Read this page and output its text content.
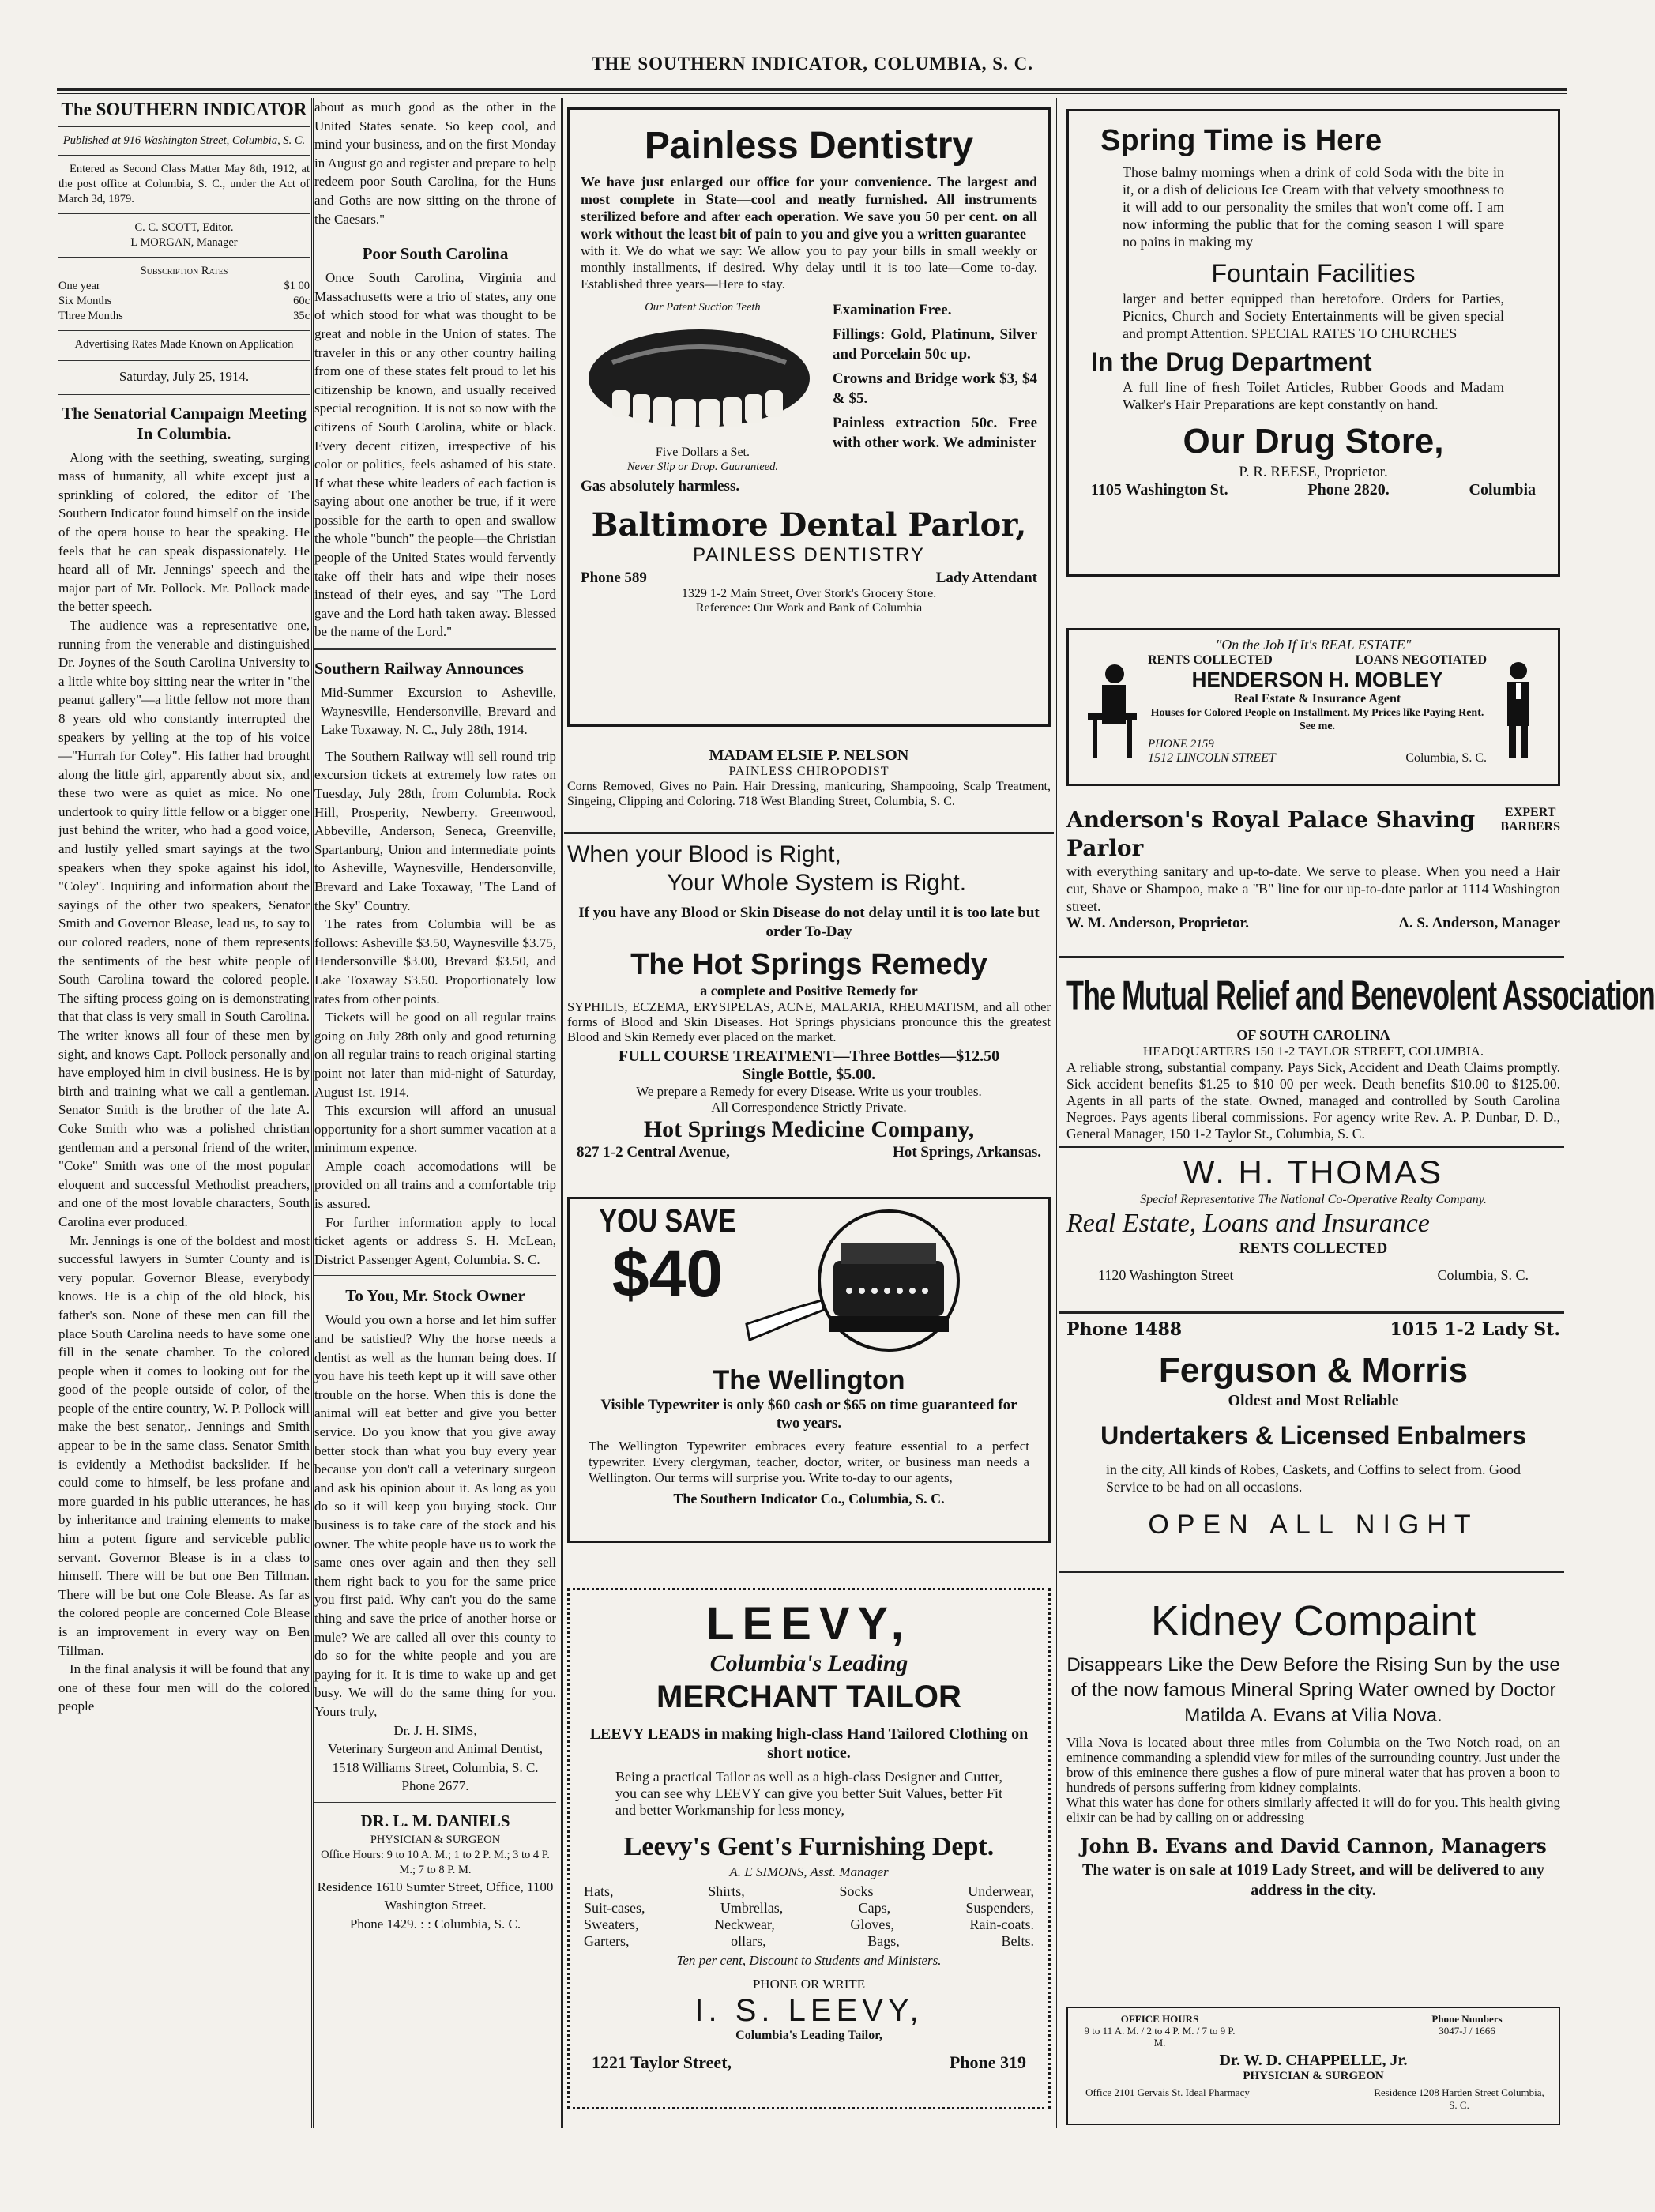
THE SOUTHERN INDICATOR, COLUMBIA, S. C.
The SOUTHERN INDICATOR

Published at 916 Washington Street, Columbia, S. C.

Entered as Second Class Matter May 8th, 1912, at the post office at Columbia, S. C., under the Act of March 3d, 1879.

C. C. SCOTT, Editor.

L MORGAN, Manager

Subscription Rates

One year	$1 00
Six Months	60c
Three Months	35c

Advertising Rates Made Known on Application

Saturday, July 25, 1914.

The Senatorial Campaign Meeting In Columbia.

Along with the seething, sweating, surging mass of humanity, all white except just a sprinkling of colored, the editor of The Southern Indicator found himself on the inside of the opera house to hear the speaking. He feels that he can speak dispassionately. He heard all of Mr. Jennings' speech and the major part of Mr. Pollock. Mr. Pollock made the better speech.

The audience was a representative one, running from the venerable and distinguished Dr. Joynes of the South Carolina University to a little white boy sitting near the writer in "the peanut gallery"—a little fellow not more than 8 years old who constantly interrupted the speakers by yelling at the top of his voice—"Hurrah for Coley". His father had brought along the little girl, apparently about six, and these two were as quiet as mice. No one undertook to quiry little fellow or a bigger one just behind the writer, who had a good voice, and lustily yelled smart sayings at the two speakers when they spoke against his idol, "Coley". Inquiring and information about the sayings of the other two speakers, Senator Smith and Governor Blease, lead us, to say to our colored readers, none of them represents the sentiments of the best white people of South Carolina toward the colored people. The sifting process going on is demonstrating that that class is very small in South Carolina. The writer knows all four of these men by sight, and knows Capt. Pollock personally and have employed him in civil business. He is by birth and training what we call a gentleman. Senator Smith is the brother of the late A. Coke Smith who was a polished christian gentleman and a personal friend of the writer, "Coke" Smith was one of the most popular eloquent and successful Methodist preachers, and one of the most lovable characters, South Carolina ever produced.

Mr. Jennings is one of the boldest and most successful lawyers in Sumter County and is very popular. Governor Blease, everybody knows. He is a chip of the old block, his father's son. None of these men can fill the place South Carolina needs to have some one fill in the senate chamber. To the colored people when it comes to looking out for the good of the people outside of color, of the people of the entire country, W. P. Pollock will make the best senator,. Jennings and Smith appear to be in the same class. Senator Smith is evidently a Methodist backslider. If he could come to himself, be less profane and more guarded in his public utterances, he has by inheritance and training elements to make him a potent figure and serviceble public servant. Governor Blease is in a class to himself. There will be but one Ben Tillman. There will be but one Cole Blease. As far as the colored people are concerned Cole Blease is an improvement in every way on Ben Tillman.

In the final analysis it will be found that any one of these four men will do the colored people

about as much good as the other in the United States senate. So keep cool, and mind your business, and on the first Monday in August go and register and prepare to help redeem poor South Carolina, for the Huns and Goths are now sitting on the throne of the Caesars."

Poor South Carolina

Once South Carolina, Virginia and Massachusetts were a trio of states, any one of which stood for what was thought to be great and noble in the Union of states. The traveler in this or any other country hailing from one of these states felt proud to let his citizenship be known, and usually received special recognition. It is not so now with the citizens of South Carolina, white or black. Every decent citizen, irrespective of his color or politics, feels ashamed of his state. If what these white leaders of each faction is saying about one another be true, if it were possible for the earth to open and swallow the whole "bunch" the people—the Christian people of the United States would fervently take off their hats and wipe their noses instead of their eyes, and say "The Lord gave and the Lord hath taken away. Blessed be the name of the Lord."

Southern Railway Announces

Mid-Summer Excursion to Asheville, Waynesville, Hendersonville, Brevard and Lake Toxaway, N. C., July 28th, 1914.

The Southern Railway will sell round trip excursion tickets at extremely low rates on Tuesday, July 28th, from Columbia. Rock Hill, Prosperity, Newberry. Greenwood, Abbeville, Anderson, Seneca, Greenville, Spartanburg, Union and intermediate points to Asheville, Waynesville, Hendersonville, Brevard and Lake Toxaway, "The Land of the Sky" Country.

The rates from Columbia will be as follows: Asheville $3.50, Waynesville $3.75, Hendersonville $3.00, Brevard $3.50, and Lake Toxaway $3.50. Proportionately low rates from other points.

Tickets will be good on all regular trains going on July 28th only and good returning on all regular trains to reach original starting point not later than mid-night of Saturday, August 1st. 1914.

This excursion will afford an unusual opportunity for a short summer vacation at a minimum expence.

Ample coach accomodations will be provided on all trains and a comfortable trip is assured.

For further information apply to local ticket agents or address S. H. McLean, District Passenger Agent, Columbia. S. C.

To You, Mr. Stock Owner

Would you own a horse and let him suffer and be satisfied? Why the horse needs a dentist as well as the human being does. If you have his teeth kept up it will save other trouble on the horse. When this is done the animal will eat better and give you better service. Do you know that you give away better stock than what you buy every year because you don't call a veterinary surgeon and ask his opinion about it. As long as you do so it will keep you buying stock. Our business is to take care of the stock and his owner. The white people have us to work the same ones over again and then they sell them right back to you for the same price you first paid. Why can't you do the same thing and save the price of another horse or mule? We are called all over this county to do so for the white people and you are paying for it. It is time to wake up and get busy. We will do the same thing for you. Yours truly,

Dr. J. H. SIMS,

Veterinary Surgeon and Animal Dentist, 1518 Williams Street, Columbia, S. C. Phone 2677.

DR. L. M. DANIELS

PHYSICIAN & SURGEON

Office Hours: 9 to 10 A. M.; 1 to 2 P. M.; 3 to 4 P. M.; 7 to 8 P. M.

Residence 1610 Sumter Street, Office, 1100 Washington Street.

Phone 1429. : : Columbia, S. C.

Painless Dentistry

We have just enlarged our office for your convenience. The largest and most complete in State—cool and neatly furnished. All instruments sterilized before and after each operation. We save you 50 per cent. on all work without the least bit of pain to you and give you a written guarantee

with it. We do what we say: We allow you to pay your bills in small weekly or monthly installments, if desired. Why delay until it is too late—Come to-day. Established three years—Here to stay.

Our Patent Suction Teeth

Five Dollars a Set.

Never Slip or Drop. Guaranteed.

Examination Free.

Fillings: Gold, Platinum, Silver and Porcelain 50c up.

Crowns and Bridge work $3, $4 & $5.

Painless extraction 50c. Free with other work. We administer

Gas absolutely harmless.

Baltimore Dental Parlor,
PAINLESS DENTISTRY
Phone 589	Lady Attendant

1329 1-2 Main Street, Over Stork's Grocery Store.

Reference: Our Work and Bank of Columbia

MADAM ELSIE P. NELSON
PAINLESS CHIROPODIST

Corns Removed, Gives no Pain. Hair Dressing, manicuring, Shampooing, Scalp Treatment, Singeing, Clipping and Coloring. 718 West Blanding Street, Columbia, S. C.

When your Blood is Right,
Your Whole System is Right.

If you have any Blood or Skin Disease do not delay until it is too late but order To-Day

The Hot Springs Remedy

a complete and Positive Remedy for

SYPHILIS, ECZEMA, ERYSIPELAS, ACNE, MALARIA, RHEUMATISM, and all other forms of Blood and Skin Diseases. Hot Springs physicians pronounce this the greatest Blood and Skin Remedy ever placed on the market.

FULL COURSE TREATMENT—Three Bottles—$12.50

Single Bottle, $5.00.

We prepare a Remedy for every Disease. Write us your troubles.

All Correspondence Strictly Private.

Hot Springs Medicine Company,
827 1-2 Central Avenue,	Hot Springs, Arkansas.
YOU SAVE
$40
The Wellington

Visible Typewriter is only $60 cash or $65 on time guaranteed for two years.

The Wellington Typewriter embraces every feature essential to a perfect typewriter. Every clergyman, teacher, doctor, writer, or business man needs a Wellington. Our terms will surprise you. Write to-day to our agents,

The Southern Indicator Co., Columbia, S. C.

LEEVY,
Columbia's Leading
MERCHANT TAILOR

LEEVY LEADS in making high-class Hand Tailored Clothing on short notice.

Being a practical Tailor as well as a high-class Designer and Cutter, you can see why LEEVY can give you better Suit Values, better Fit and better Workmanship for less money,

Leevy's Gent's Furnishing Dept.

A. E SIMONS, Asst. Manager

Hats,	Shirts,	Socks	Underwear,
Suit-cases,	Umbrellas,	Caps,	Suspenders,
Sweaters,	Neckwear,	Gloves,	Rain-coats.
Garters,	ollars,	Bags,	Belts.

Ten per cent, Discount to Students and Ministers.

PHONE OR WRITE

I. S. LEEVY,

Columbia's Leading Tailor,

1221 Taylor Street,	Phone 319
Spring Time is Here

Those balmy mornings when a drink of cold Soda with the bite in it, or a dish of delicious Ice Cream with that velvety smoothness to it will add to our personality the smiles that won't come off. I am now informing the public that for the coming season I will spare no pains in making my

Fountain Facilities

larger and better equipped than heretofore. Orders for Parties, Picnics, Church and Society Entertainments will be given special and prompt Attention. SPECIAL RATES TO CHURCHES

In the Drug Department

A full line of fresh Toilet Articles, Rubber Goods and Madam Walker's Hair Preparations are kept constantly on hand.

Our Drug Store,

P. R. REESE, Proprietor.

1105 Washington St.	Phone 2820.	Columbia

"On the Job If It's REAL ESTATE"

RENTS COLLECTED	LOANS NEGOTIATED
HENDERSON H. MOBLEY

Real Estate & Insurance Agent

Houses for Colored People on Installment. My Prices like Paying Rent. See me.

PHONE 2159
1512 LINCOLN STREET	Columbia, S. C.
Anderson's Royal Palace Shaving Parlor
EXPERT BARBERS

with everything sanitary and up-to-date. We serve to please. When you need a Hair cut, Shave or Shampoo, make a "B" line for our up-to-date parlor at 1114 Washington street.

W. M. Anderson, Proprietor.	A. S. Anderson, Manager
The Mutual Relief and Benevolent Association

OF SOUTH CAROLINA

HEADQUARTERS 150 1-2 TAYLOR STREET, COLUMBIA.

A reliable strong, substantial company. Pays Sick, Accident and Death Claims promptly. Sick accident benefits $1.25 to $10 00 per week. Death benefits $10.00 to $125.00. Agents in all parts of the state. Owned, managed and controlled by South Carolina Negroes. Pays agents liberal commissions. For agency write Rev. A. P. Dunbar, D. D., General Manager, 150 1-2 Taylor St., Columbia, S. C.

W. H. THOMAS

Special Representative The National Co-Operative Realty Company.

Real Estate, Loans and Insurance

RENTS COLLECTED

1120 Washington Street	Columbia, S. C.
Phone 1488	1015 1-2 Lady St.
Ferguson & Morris

Oldest and Most Reliable

Undertakers & Licensed Enbalmers

in the city, All kinds of Robes, Caskets, and Coffins to select from. Good Service to be had on all occasions.

OPEN ALL NIGHT
Kidney Compaint

Disappears Like the Dew Before the Rising Sun by the use of the now famous Mineral Spring Water owned by Doctor Matilda A. Evans at Vilia Nova.

Villa Nova is located about three miles from Columbia on the Two Notch road, on an eminence commanding a splendid view for miles of the surrounding country. Just under the brow of this eminence there gushes a flow of pure mineral water that has proven a boon to hundreds of persons suffering from kidney complaints.

What this water has done for others similarly affected it will do for you. This health giving elixir can be had by calling on or addressing

John B. Evans and David Cannon, Managers

The water is on sale at 1019 Lady Street, and will be delivered to any address in the city.

OFFICE HOURS
9 to 11 A. M. / 2 to 4 P. M. / 7 to 9 P. M.
Phone Numbers
3047-J / 1666
Dr. W. D. CHAPPELLE, Jr.

PHYSICIAN & SURGEON

Office 2101 Gervais St. Ideal Pharmacy	Residence 1208 Harden Street Columbia, S. C.
